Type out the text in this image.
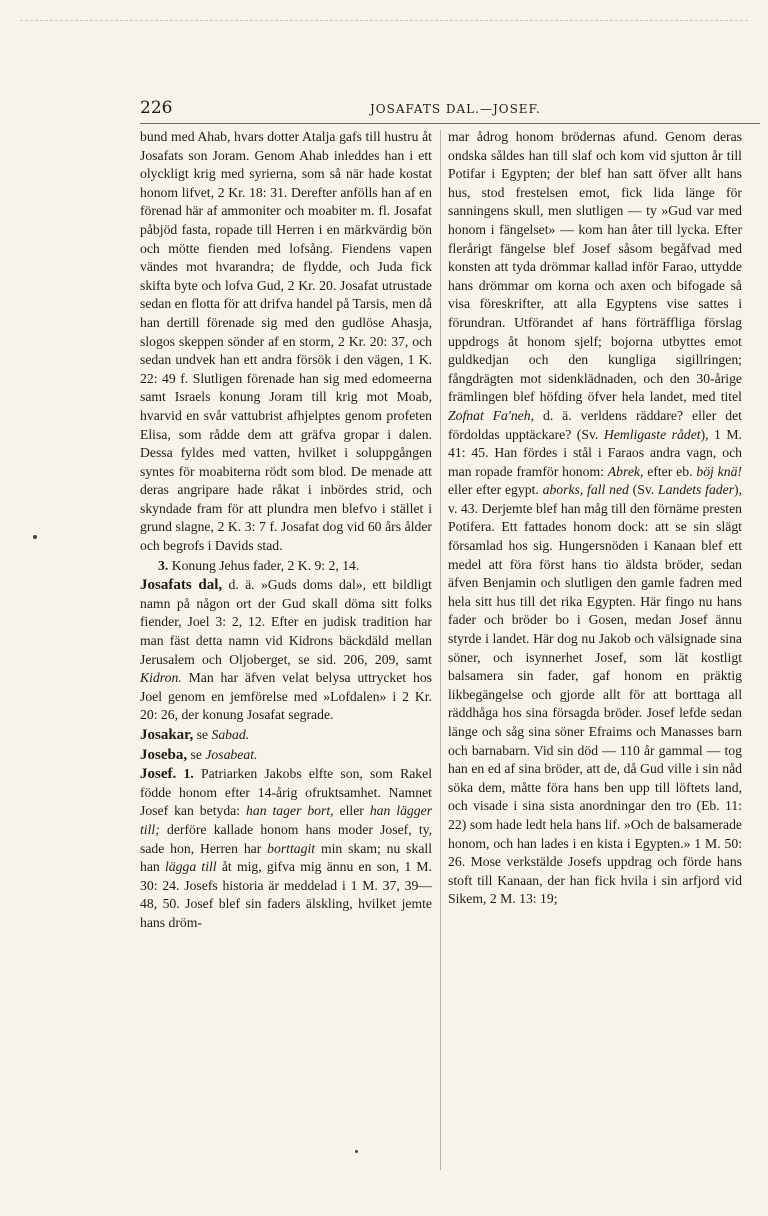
226	JOSAFATS DAL.—JOSEF.

bund med Ahab, hvars dotter Atalja gafs till hustru åt Josafats son Joram. Genom Ahab inleddes han i ett olyckligt krig med syrierna, som så när hade kostat honom lifvet, 2 Kr. 18: 31. Derefter anfölls han af en förenad här af ammoniter och moabiter m. fl. Josafat påbjöd fasta, ropade till Herren i en märkvärdig bön och mötte fienden med lofsång. Fiendens vapen vändes mot hvarandra; de flydde, och Juda fick skifta byte och lofva Gud, 2 Kr. 20. Josafat utrustade sedan en flotta för att drifva handel på Tarsis, men då han dertill förenade sig med den gudlöse Ahasja, slogos skeppen sönder af en storm, 2 Kr. 20: 37, och sedan undvek han ett andra försök i den vägen, 1 K. 22: 49 f. Slutligen förenade han sig med edomeerna samt Israels konung Joram till krig mot Moab, hvarvid en svår vattubrist afhjelptes genom profeten Elisa, som rådde dem att gräfva gropar i dalen. Dessa fyldes med vatten, hvilket i soluppgången syntes för moabiterna rödt som blod. De menade att deras angripare hade råkat i inbördes strid, och skyndade fram för att plundra men blefvo i stället i grund slagne, 2 K. 3: 7 f. Josafat dog vid 60 års ålder och begrofs i Davids stad.

3. Konung Jehus fader, 2 K. 9: 2, 14.

Josafats dal, d. ä. »Guds doms dal», ett bildligt namn på någon ort der Gud skall döma sitt folks fiender, Joel 3: 2, 12. Efter en judisk tradition har man fäst detta namn vid Kidrons bäckdäld mellan Jerusalem och Oljoberget, se sid. 206, 209, samt Kidron. Man har äfven velat belysa uttrycket hos Joel genom en jemförelse med »Lofdalen» i 2 Kr. 20: 26, der konung Josafat segrade.

Josakar, se Sabad.

Joseba, se Josabeat.

Josef. 1. Patriarken Jakobs elfte son, som Rakel födde honom efter 14-årig ofruktsamhet. Namnet Josef kan betyda: han tager bort, eller han lägger till; derföre kallade honom hans moder Josef, ty, sade hon, Herren har borttagit min skam; nu skall han lägga till åt mig, gifva mig ännu en son, 1 M. 30: 24. Josefs historia är meddelad i 1 M. 37, 39—48, 50. Josef blef sin faders älskling, hvilket jemte hans dröm-

mar ådrog honom brödernas afund. Genom deras ondska såldes han till slaf och kom vid sjutton år till Potifar i Egypten; der blef han satt öfver allt hans hus, stod frestelsen emot, fick lida länge för sanningens skull, men slutligen — ty »Gud var med honom i fängelset» — kom han åter till lycka. Efter flerårigt fängelse blef Josef såsom begåfvad med konsten att tyda drömmar kallad inför Farao, uttydde hans drömmar om korna och axen och bifogade så visa föreskrifter, att alla Egyptens vise sattes i förundran. Utförandet af hans förträffliga förslag uppdrogs åt honom sjelf; bojorna utbyttes emot guldkedjan och den kungliga sigillringen; fångdrägten mot sidenklädnaden, och den 30-årige främlingen blef höfding öfver hela landet, med titel Zofnat Fa'neh, d. ä. verldens räddare? eller det fördoldas upptäckare? (Sv. Hemligaste rådet), 1 M. 41: 45. Han fördes i stål i Faraos andra vagn, och man ropade framför honom: Abrek, efter eb. böj knä! eller efter egypt. aborks, fall ned (Sv. Landets fader), v. 43. Derjemte blef han måg till den förnäme presten Potifera. Ett fattades honom dock: att se sin slägt församlad hos sig. Hungersnöden i Kanaan blef ett medel att föra först hans tio äldsta bröder, sedan äfven Benjamin och slutligen den gamle fadren med hela sitt hus till det rika Egypten. Här fingo nu hans fader och bröder bo i Gosen, medan Josef ännu styrde i landet. Här dog nu Jakob och välsignade sina söner, och isynnerhet Josef, som lät kostligt balsamera sin fader, gaf honom en präktig likbegängelse och gjorde allt för att borttaga all räddhåga hos sina försagda bröder. Josef lefde sedan länge och såg sina söner Efraims och Manasses barn och barnabarn. Vid sin död — 110 år gammal — tog han en ed af sina bröder, att de, då Gud ville i sin nåd söka dem, måtte föra hans ben upp till löftets land, och visade i sina sista anordningar den tro (Eb. 11: 22) som hade ledt hela hans lif. »Och de balsamerade honom, och han lades i en kista i Egypten.» 1 M. 50: 26. Mose verkstälde Josefs uppdrag och förde hans stoft till Kanaan, der han fick hvila i sin arfjord vid Sikem, 2 M. 13: 19;
